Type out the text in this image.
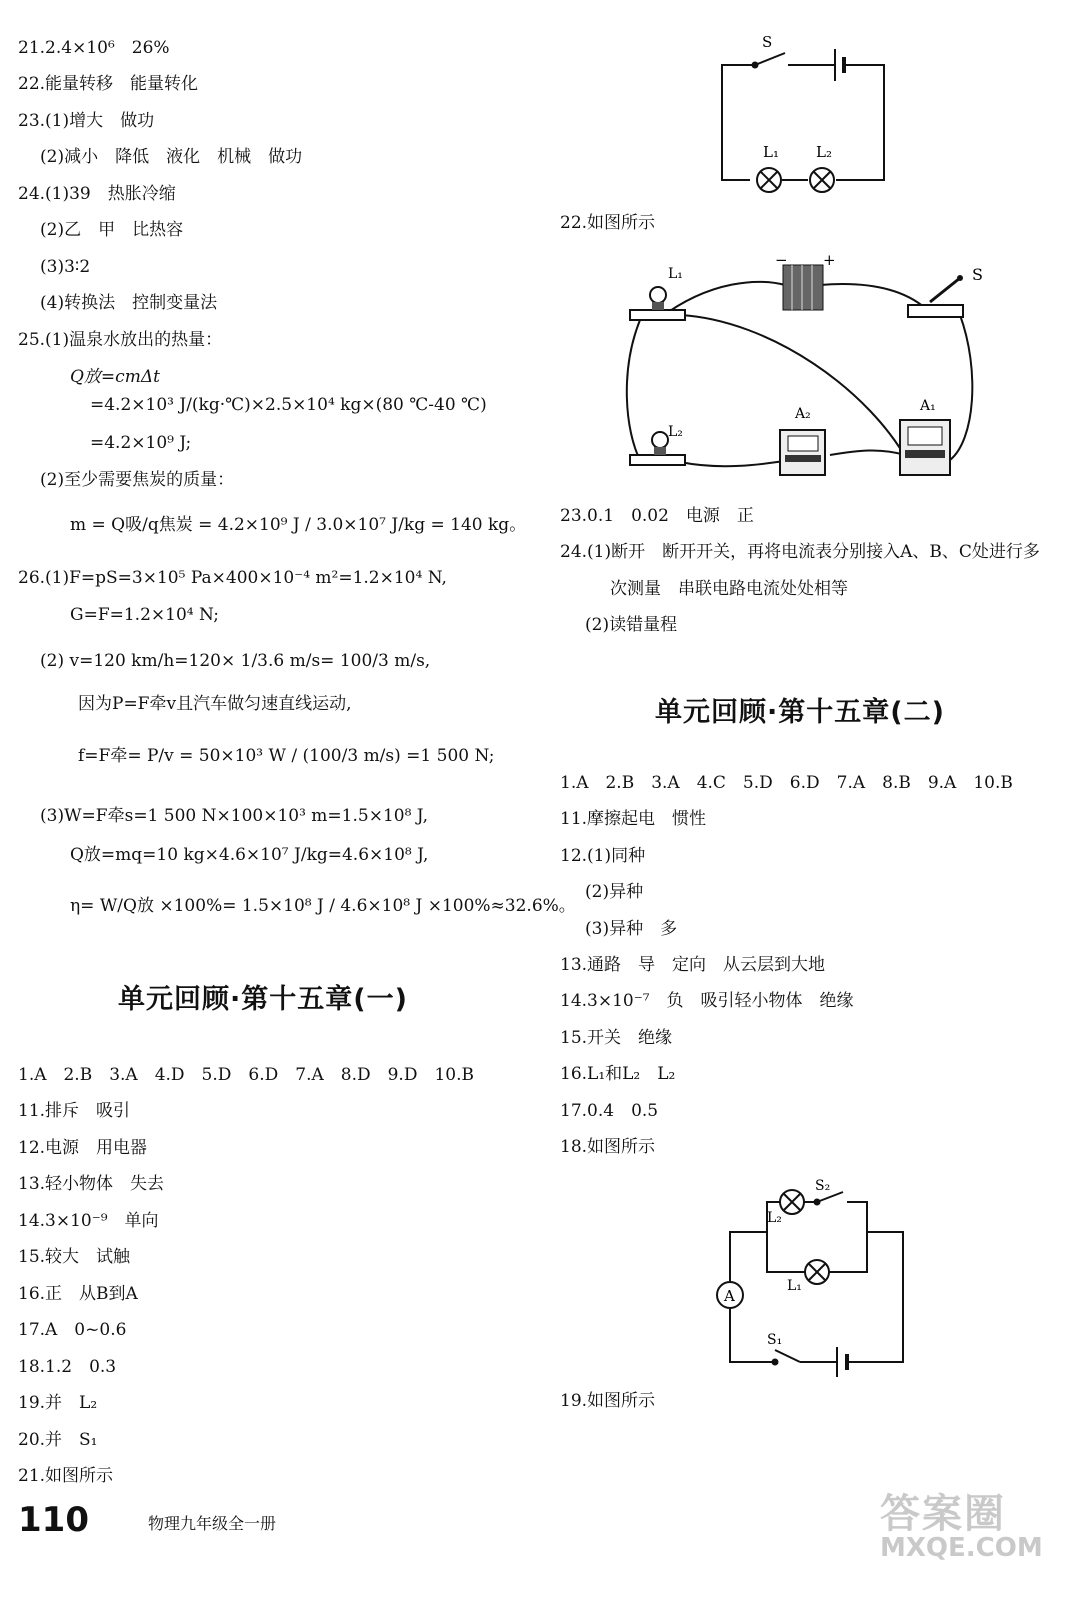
21.2.4×10⁶　26%
22.能量转移　能量转化
23.(1)增大　做功
(2)减小　降低　液化　机械　做功
24.(1)39　热胀冷缩
(2)乙　甲　比热容
(3)3∶2
(4)转换法　控制变量法
25.(1)温泉水放出的热量：
Q放=cmΔt
=4.2×10³ J/(kg·℃)×2.5×10⁴ kg×(80 ℃-40 ℃)
=4.2×10⁹ J;
(2)至少需要焦炭的质量：
m = Q吸/q焦炭 = 4.2×10⁹ J / 3.0×10⁷ J/kg = 140 kg。
26.(1)F=pS=3×10⁵ Pa×400×10⁻⁴ m²=1.2×10⁴ N,
G=F=1.2×10⁴ N;
(2) v=120 km/h=120× 1/3.6 m/s= 100/3 m/s,
因为P=F牵v且汽车做匀速直线运动,
f=F牵= P/v = 50×10³ W / (100/3 m/s) =1 500 N;
(3)W=F牵s=1 500 N×100×10³ m=1.5×10⁸ J,
Q放=mq=10 kg×4.6×10⁷ J/kg=4.6×10⁸ J,
η= W/Q放 ×100%= 1.5×10⁸ J / 4.6×10⁸ J ×100%≈32.6%。
单元回顾·第十五章(一)
1.A　2.B　3.A　4.D　5.D　6.D　7.A　8.D　9.D　10.B
11.排斥　吸引
12.电源　用电器
13.轻小物体　失去
14.3×10⁻⁹　单向
15.较大　试触
16.正　从B到A
17.A　0~0.6
18.1.2　0.3
19.并　L₂
20.并　S₁
21.如图所示
S
L₁ L₂
22.如图所示
L₁
− +
S
L₂
A₂	A₁
23.0.1　0.02　电源　正
24.(1)断开　断开开关，再将电流表分别接入A、B、C处进行多
次测量　串联电路电流处处相等
(2)读错量程
单元回顾·第十五章(二)
1.A　2.B　3.A　4.C　5.D　6.D　7.A　8.B　9.A　10.B
11.摩擦起电　惯性
12.(1)同种
(2)异种
(3)异种　多
13.通路　导　定向　从云层到大地
14.3×10⁻⁷　负　吸引轻小物体　绝缘
15.开关　绝缘
16.L₁和L₂　L₂
17.0.4　0.5
18.如图所示
A
S₂
L₂
L₁
S₁
19.如图所示
110	物理九年级全一册	答案圈
MXQE.COM
